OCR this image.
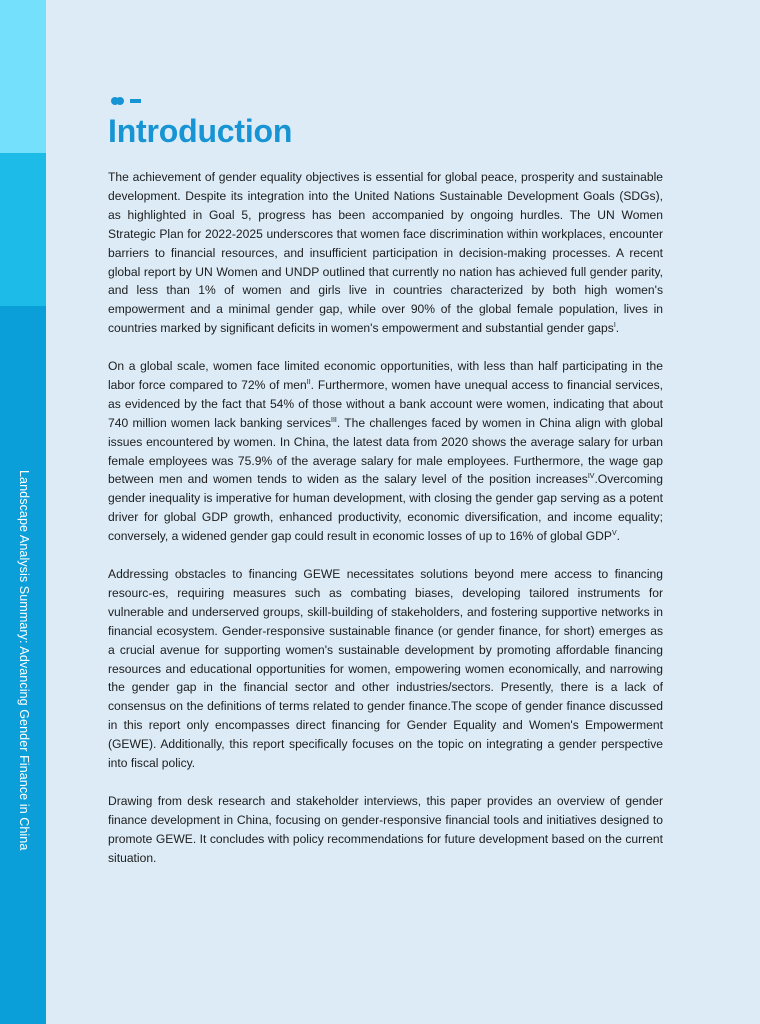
Landscape Analysis Summary: Advancing Gender Finance in China
Introduction

The achievement of gender equality objectives is essential for global peace, prosperity and sustainable development. Despite its integration into the United Nations Sustainable Development Goals (SDGs), as highlighted in Goal 5, progress has been accompanied by ongoing hurdles. The UN Women Strategic Plan for 2022-2025 underscores that women face discrimination within workplaces, encounter barriers to financial resources, and insufficient participation in decision-making processes. A recent global report by UN Women and UNDP outlined that currently no nation has achieved full gender parity, and less than 1% of women and girls live in countries characterized by both high women's empowerment and a minimal gender gap, while over 90% of the global female population, lives in countries marked by significant deficits in women's empowerment and substantial gender gaps$^I$.

On a global scale, women face limited economic opportunities, with less than half participating in the labor force compared to 72% of men$^{II}$. Furthermore, women have unequal access to financial services, as evidenced by the fact that 54% of those without a bank account were women, indicating that about 740 million women lack banking services$^{III}$. The challenges faced by women in China align with global issues encountered by women. In China, the latest data from 2020 shows the average salary for urban female employees was 75.9% of the average salary for male employees. Furthermore, the wage gap between men and women tends to widen as the salary level of the position increases$^{IV}$.Overcoming gender inequality is imperative for human development, with closing the gender gap serving as a potent driver for global GDP growth, enhanced productivity, economic diversification, and income equality; conversely, a widened gender gap could result in economic losses of up to 16% of global $GDP^V$.

Addressing obstacles to financing GEWE necessitates solutions beyond mere access to financing resourc-es, requiring measures such as combating biases, developing tailored instruments for vulnerable and underserved groups, skill-building of stakeholders, and fostering supportive networks in financial ecosystem. Gender-responsive sustainable finance (or gender finance, for short) emerges as a crucial avenue for supporting women's sustainable development by promoting affordable financing resources and educational opportunities for women, empowering women economically, and narrowing the gender gap in the financial sector and other industries/sectors. Presently, there is a lack of consensus on the definitions of terms related to gender finance.The scope of gender finance discussed in this report only encompasses direct financing for Gender Equality and Women's Empowerment (GEWE). Additionally, this report specifically focuses on the topic on integrating a gender perspective into fiscal policy.

Drawing from desk research and stakeholder interviews, this paper provides an overview of gender finance development in China, focusing on gender-responsive financial tools and initiatives designed to promote GEWE. It concludes with policy recommendations for future development based on the current situation.
